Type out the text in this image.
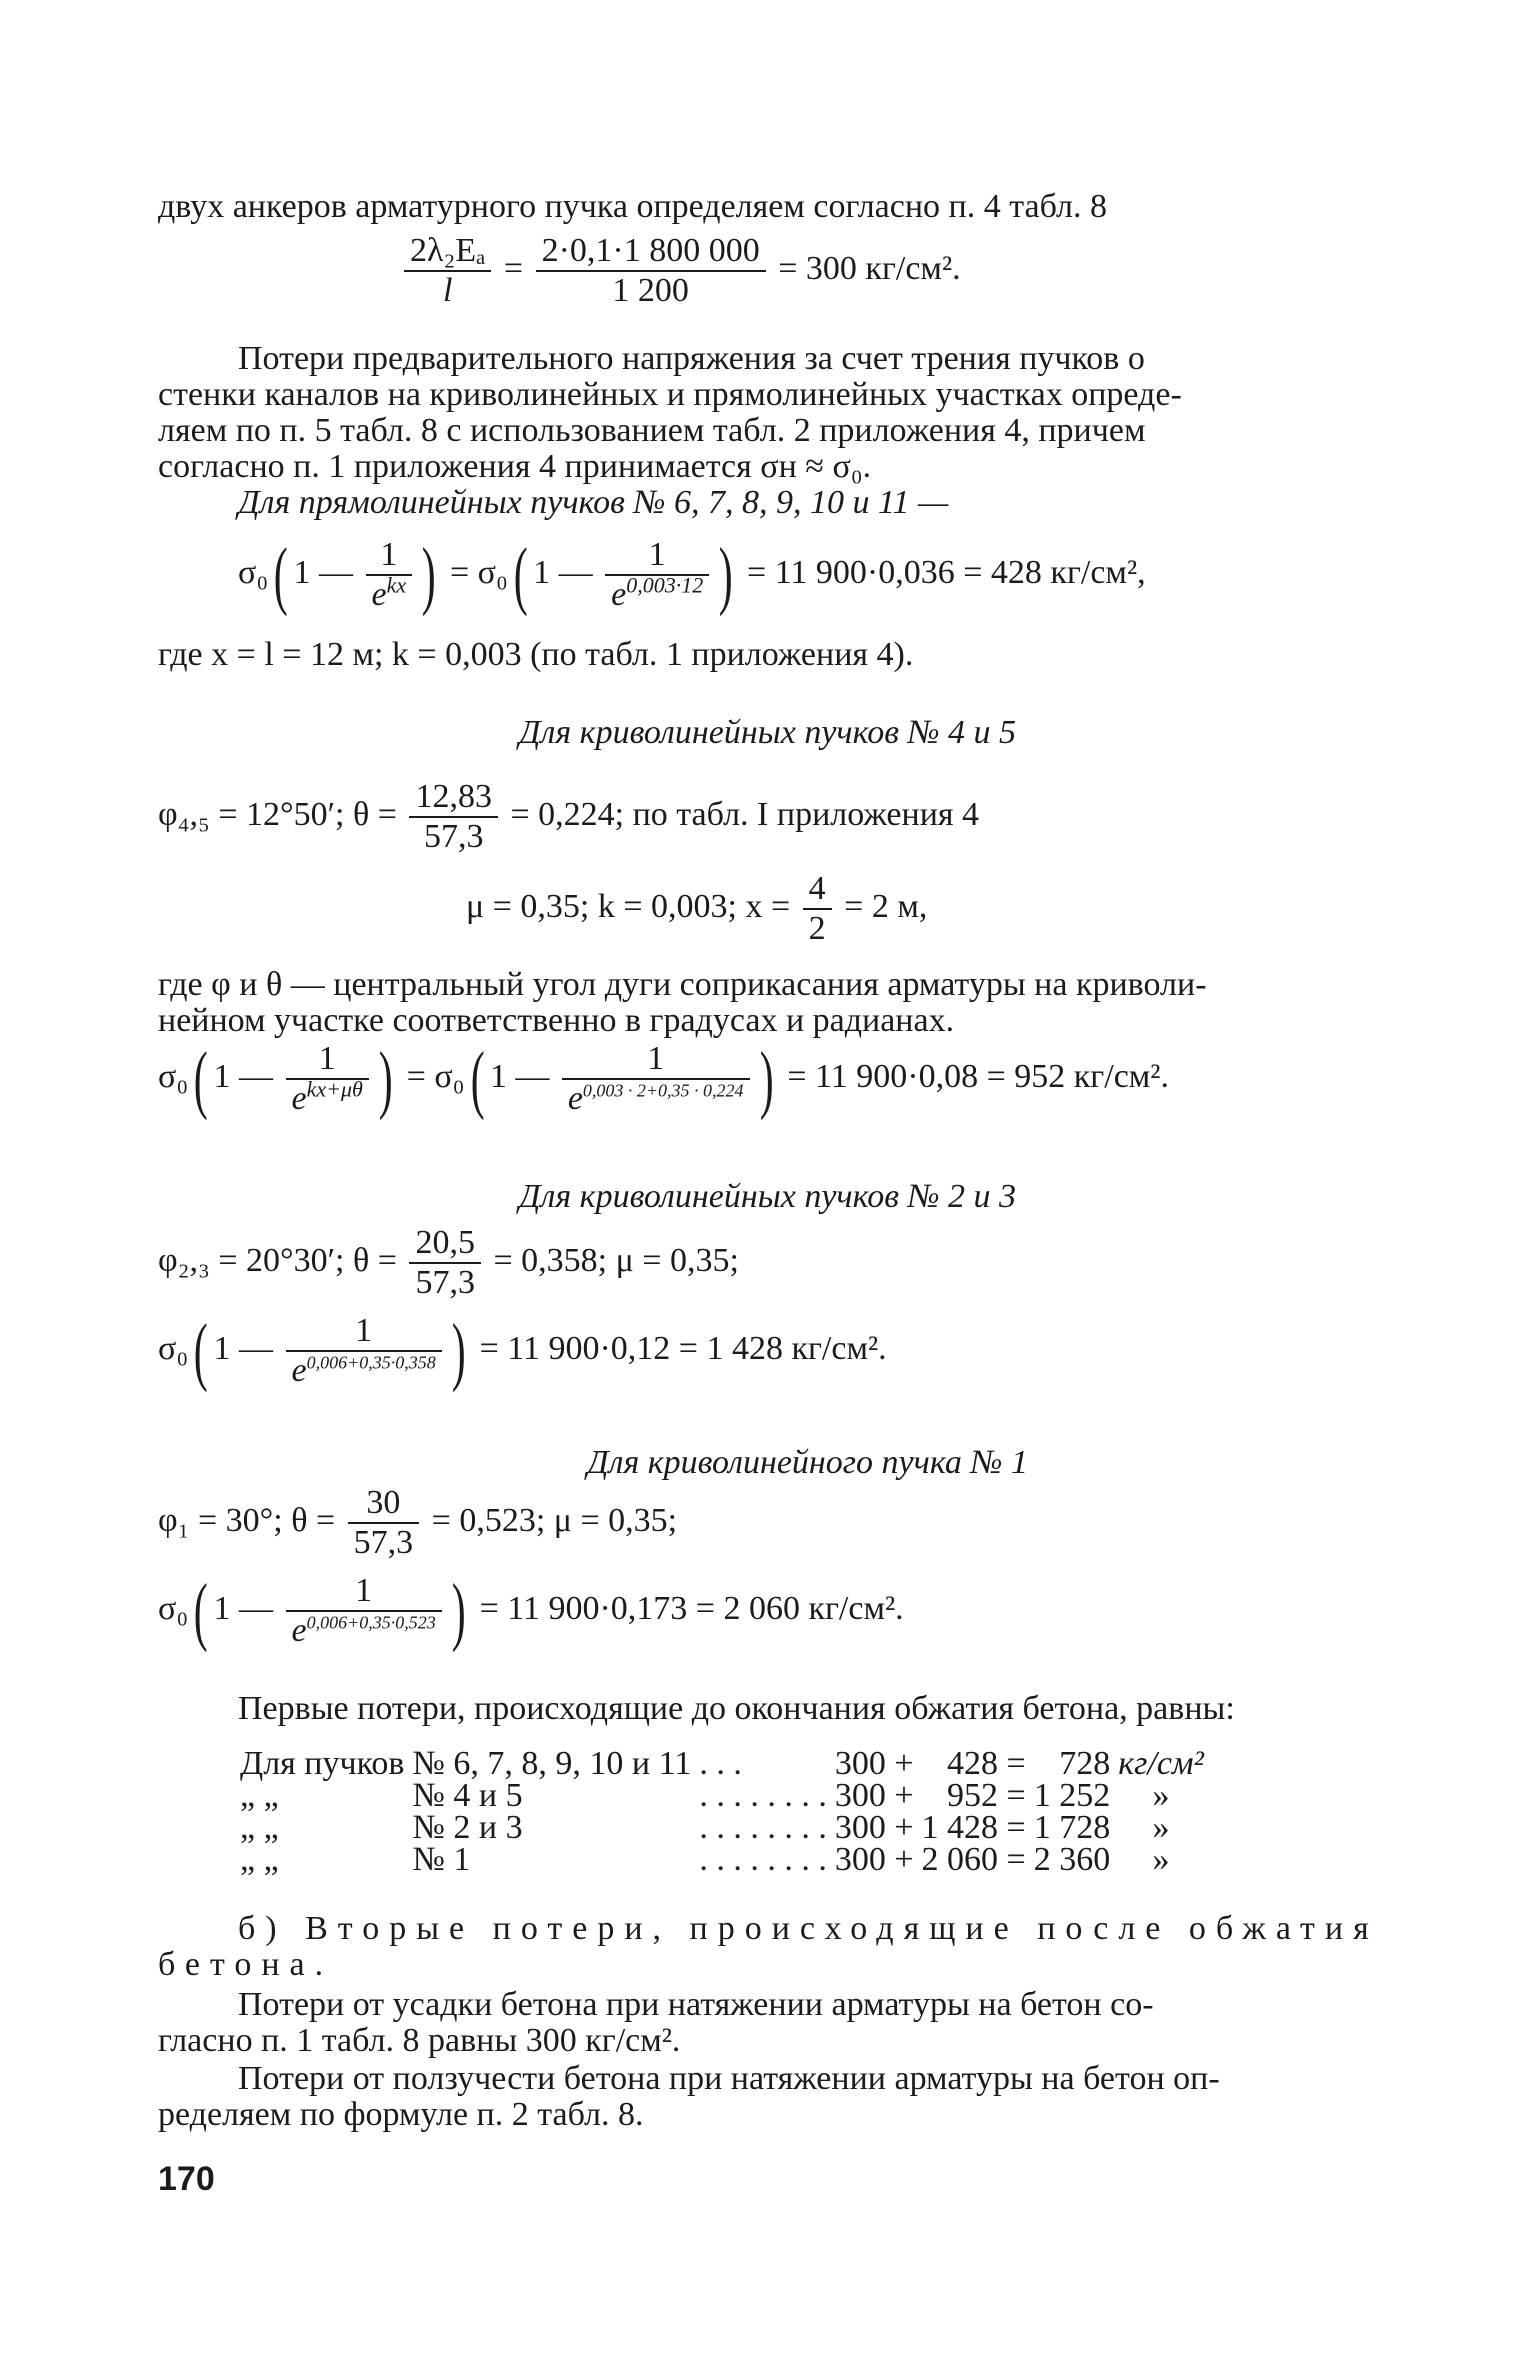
двух анкеров арматурного пучка определяем согласно п. 4 табл. 8
$\frac{\text{2λ₂Eₐ}}{l} = \frac{2\cdot 0,1\cdot 1 800 000}{1 200} = 300$ кг/см².
Потери предварительного напряжения за счет трения пучков о
стенки каналов на криволинейных и прямолинейных участках опреде-
ляем по п. 5 табл. 8 с использованием табл. 2 приложения 4, причем
согласно п. 1 приложения 4 принимается σн ≈ σ₀.
Для прямолинейных пучков № 6, 7, 8, 9, 10 и 11 —
σ₀( 1 — $\frac{1}{e^{kx}}$ ) = σ₀( 1 — $\frac{1}{e^{0,003\cdot 12}}$ ) = 11 900·0,036 = 428 кг/см²,
где x = l = 12 м; k = 0,003 (по табл. 1 приложения 4).
Для криволинейных пучков № 4 и 5
φ₄,₅ = 12°50′; $\theta = \frac{12,83}{57,3} = 0,224$; по табл. I приложения 4
μ = 0,35; k = 0,003; $x = \frac{4}{2} = 2$ м,
где φ и θ — центральный угол дуги соприкасания арматуры на криволи-
нейном участке соответственно в градусах и радианах.
σ₀( 1 — $\frac{1}{e^{kx+\mu\theta}}$ ) = σ₀( 1 — $\frac{1}{e^{0,003 \cdot 2+0,35 \cdot 0,224}}$ ) = 11 900·0,08 = 952 кг/см².
Для криволинейных пучков № 2 и 3
φ₂,₃ = 20°30′; $\theta = \frac{20,5}{57,3} = 0,358$; μ = 0,35;
σ₀( 1 — $\frac{1}{e^{0,006+0,35\cdot 0,358}}$ ) = 11 900·0,12 = 1 428 кг/см².
Для криволинейного пучка № 1
φ₁ = 30°; $\theta = \frac{30}{57,3} = 0,523$; μ = 0,35;
σ₀( 1 — $\frac{1}{e^{0,006+0,35\cdot 0,523}}$ ) = 11 900·0,173 = 2 060 кг/см².
Первые потери, происходящие до окончания обжатия бетона, равны:
Для пучков	№ 6, 7, 8, 9, 10 и 11	. . .	300 +	428 =	728	кг/см²
„ „	№ 4 и 5	. . . . . . . .	300 +	952 =	1 252	»
„ „	№ 2 и 3	. . . . . . . .	300 +	1 428 =	1 728	»
„ „	№ 1	. . . . . . . .	300 +	2 060 =	2 360	»
б) Вторые потери, происходящие после обжатия
бетона.
Потери от усадки бетона при натяжении арматуры на бетон со-
гласно п. 1 табл. 8 равны 300 кг/см².
Потери от ползучести бетона при натяжении арматуры на бетон оп-
ределяем по формуле п. 2 табл. 8.
170
